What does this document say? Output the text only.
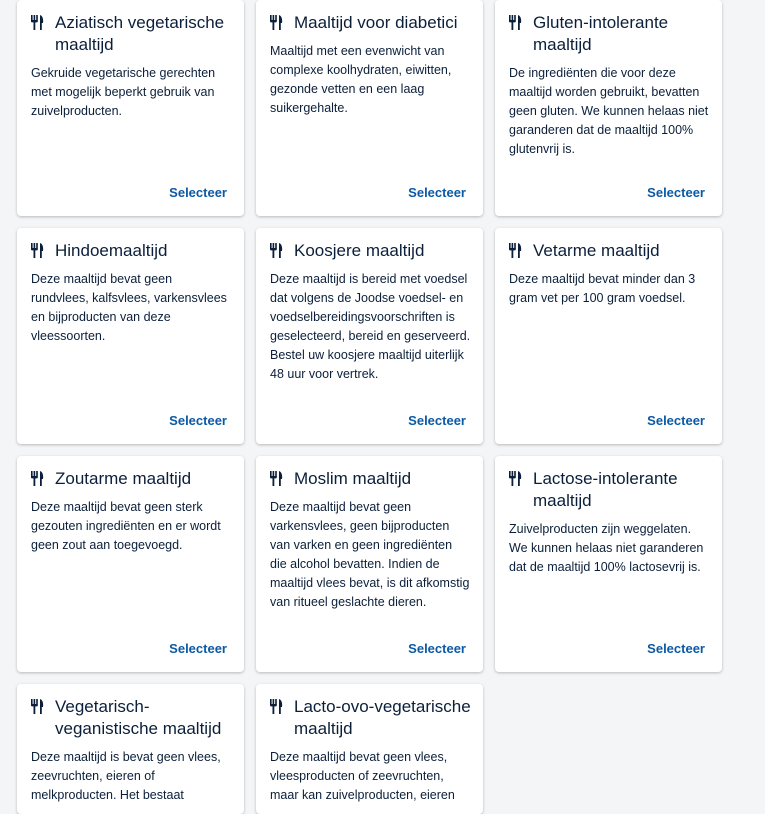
Aziatisch vegetarische maaltijd

Gekruide vegetarische gerechten met mogelijk beperkt gebruik van zuivelproducten.

Selecteer
Maaltijd voor diabetici

Maaltijd met een evenwicht van complexe koolhydraten, eiwitten, gezonde vetten en een laag suikergehalte.

Selecteer
Gluten-intolerante maaltijd

De ingrediënten die voor deze maaltijd worden gebruikt, bevatten geen gluten. We kunnen helaas niet garanderen dat de maaltijd 100% glutenvrij is.

Selecteer
Hindoemaaltijd

Deze maaltijd bevat geen rundvlees, kalfsvlees, varkensvlees en bijproducten van deze vleessoorten.

Selecteer
Koosjere maaltijd

Deze maaltijd is bereid met voedsel dat volgens de Joodse voedsel- en voedselbereidingsvoorschriften is geselecteerd, bereid en geserveerd. Bestel uw koosjere maaltijd uiterlijk 48 uur voor vertrek.

Selecteer
Vetarme maaltijd

Deze maaltijd bevat minder dan 3 gram vet per 100 gram voedsel.

Selecteer
Zoutarme maaltijd

Deze maaltijd bevat geen sterk gezouten ingrediënten en er wordt geen zout aan toegevoegd.

Selecteer
Moslim maaltijd

Deze maaltijd bevat geen varkensvlees, geen bijproducten van varken en geen ingrediënten die alcohol bevatten. Indien de maaltijd vlees bevat, is dit afkomstig van ritueel geslachte dieren.

Selecteer
Lactose-intolerante maaltijd

Zuivelproducten zijn weggelaten. We kunnen helaas niet garanderen dat de maaltijd 100% lactosevrij is.

Selecteer
Vegetarisch-veganistische maaltijd

Deze maaltijd is bevat geen vlees, zeevruchten, eieren of melkproducten. Het bestaat

Lacto-ovo-vegetarische maaltijd

Deze maaltijd bevat geen vlees, vleesproducten of zeevruchten, maar kan zuivelproducten, eieren
